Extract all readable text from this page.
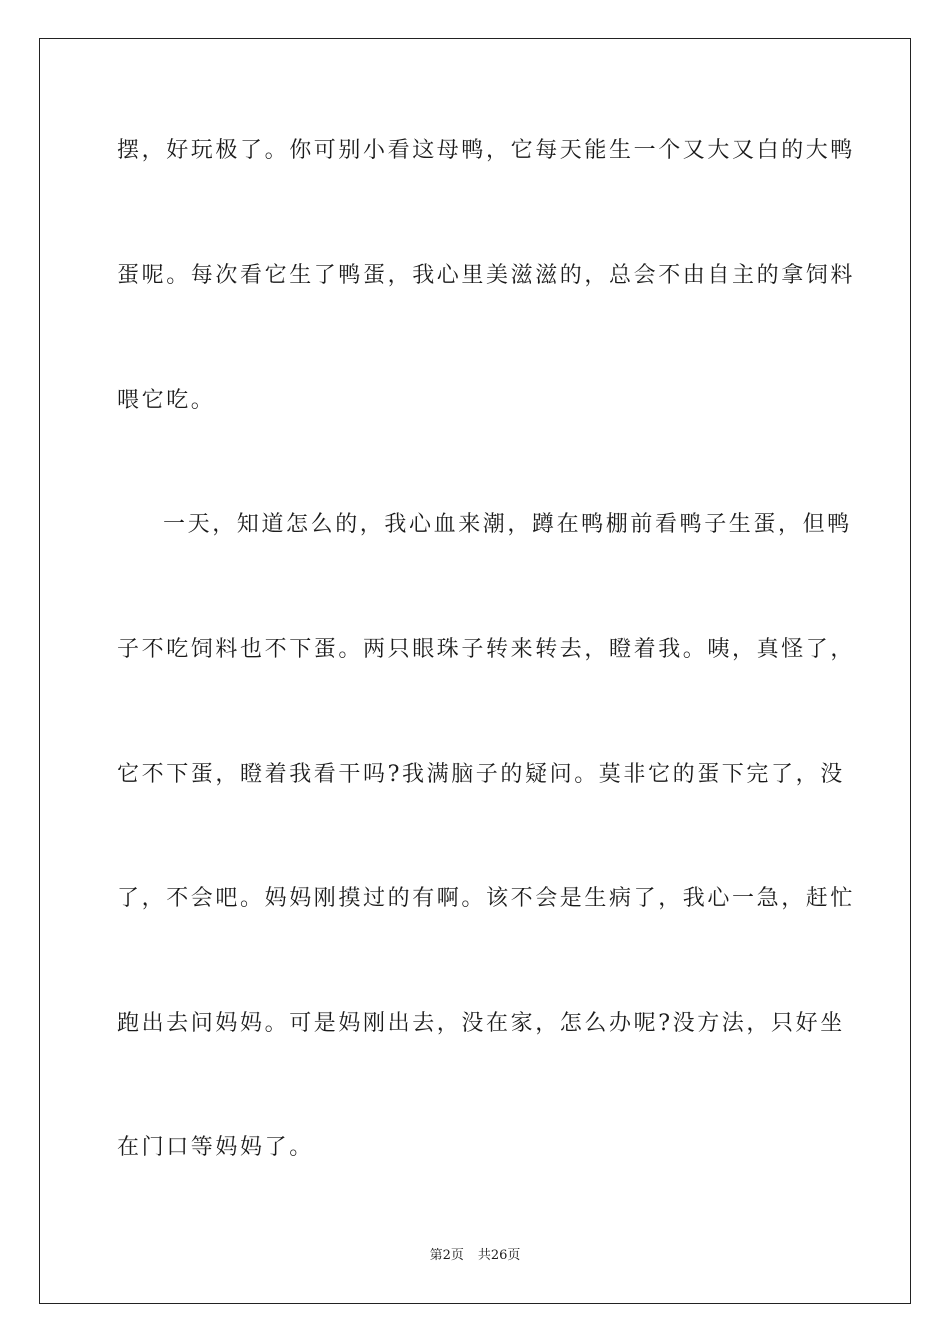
摆，好玩极了。你可别小看这母鸭，它每天能生一个又大又白的大鸭
蛋呢。每次看它生了鸭蛋，我心里美滋滋的，总会不由自主的拿饲料
喂它吃。
一天，知道怎么的，我心血来潮，蹲在鸭棚前看鸭子生蛋，但鸭
子不吃饲料也不下蛋。两只眼珠子转来转去，瞪着我。咦，真怪了，
它不下蛋，瞪着我看干吗?我满脑子的疑问。莫非它的蛋下完了，没
了，不会吧。妈妈刚摸过的有啊。该不会是生病了，我心一急，赶忙
跑出去问妈妈。可是妈刚出去，没在家，怎么办呢?没方法，只好坐
在门口等妈妈了。
第2页 共26页
